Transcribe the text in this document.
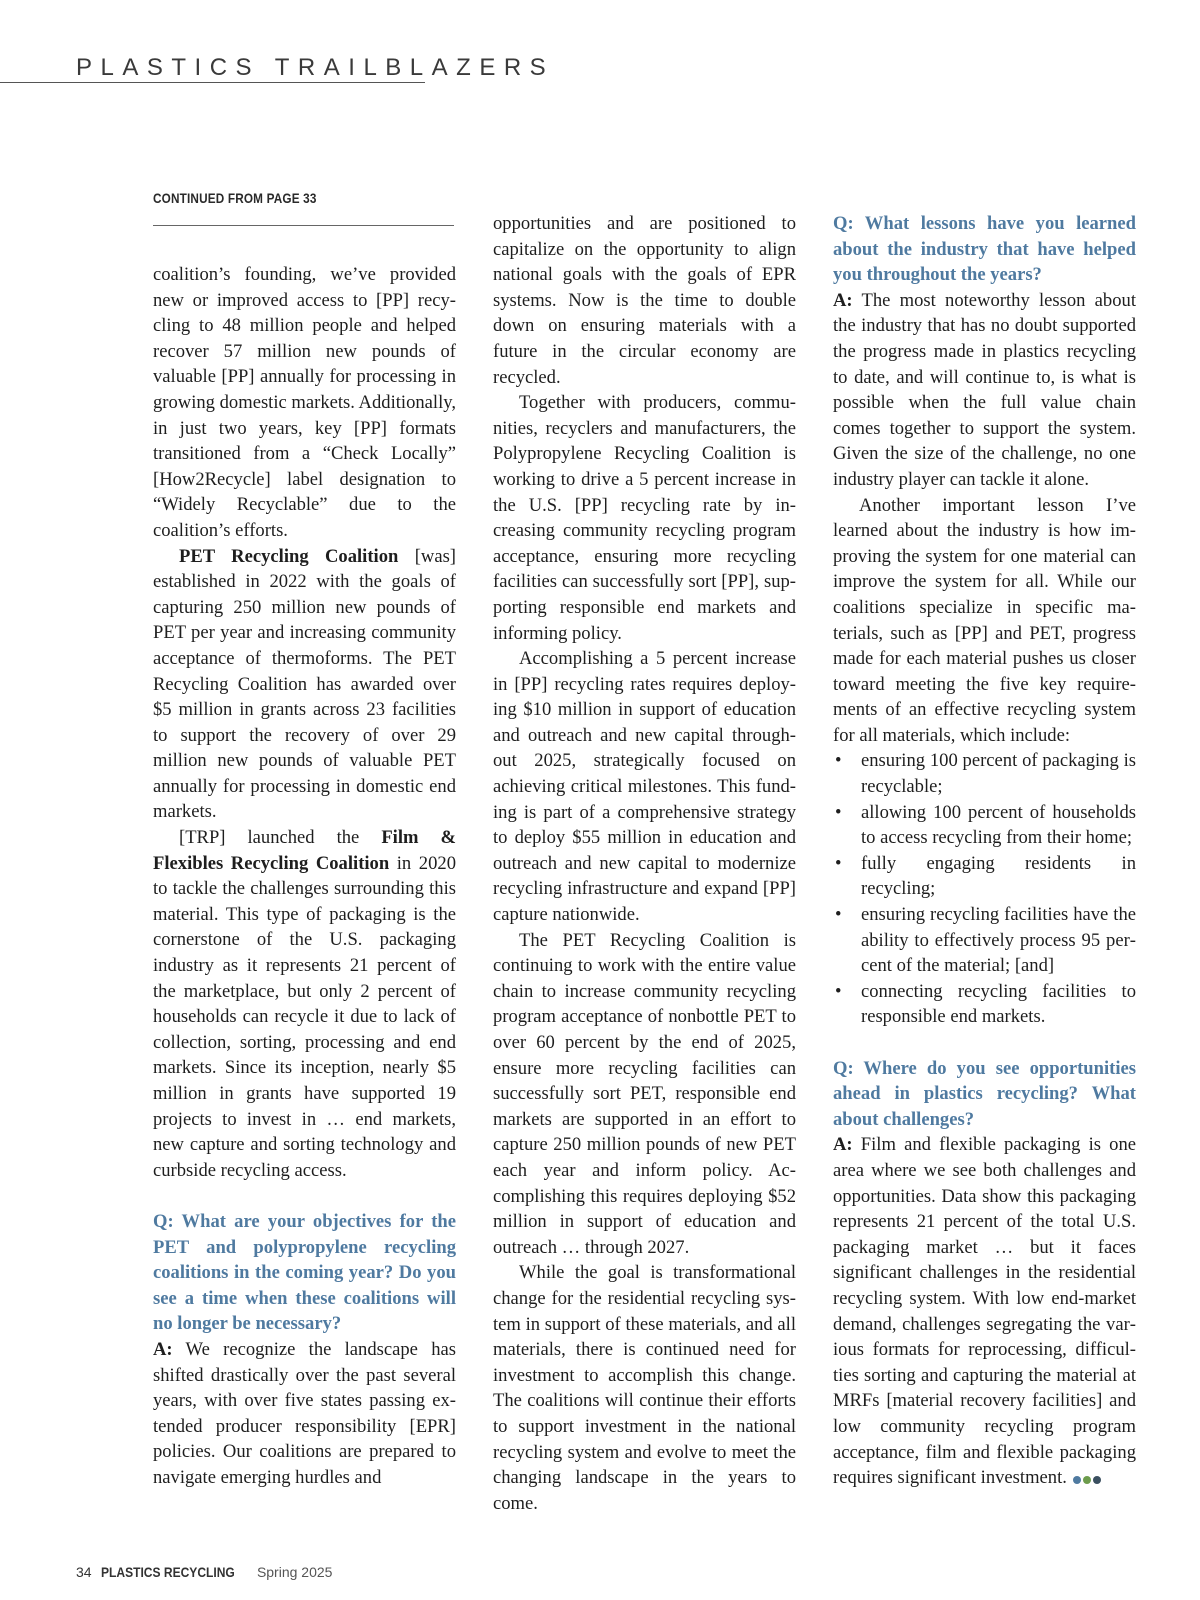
PLASTICS TRAILBLAZERS
CONTINUED FROM PAGE 33

coalition’s founding, we’ve provided new or improved access to [PP] recycling to 48 million people and helped recover 57 million new pounds of valuable [PP] annually for processing in growing domestic markets. Additionally, in just two years, key [PP] formats transitioned from a “Check Locally” [How2Recycle] label designation to “Widely Recyclable” due to the coalition’s efforts.

PET Recycling Coalition [was] established in 2022 with the goals of capturing 250 million new pounds of PET per year and increasing community acceptance of thermoforms. The PET Recycling Coalition has awarded over $5 million in grants across 23 facilities to support the recovery of over 29 million new pounds of valuable PET annually for processing in domestic end markets.

[TRP] launched the Film & Flexibles Recycling Coalition in 2020 to tackle the challenges surrounding this material. This type of packaging is the cornerstone of the U.S. packaging industry as it represents 21 percent of the marketplace, but only 2 percent of households can recycle it due to lack of collection, sorting, processing and end markets. Since its inception, nearly $5 million in grants have supported 19 projects to invest in … end markets, new capture and sorting technology and curbside recycling access.

Q: What are your objectives for the PET and polypropylene recycling coalitions in the coming year? Do you see a time when these coalitions will no longer be necessary?

A: We recognize the landscape has shifted drastically over the past several years, with over five states passing extended producer responsibility [EPR] policies. Our coalitions are prepared to navigate emerging hurdles and

opportunities and are positioned to capitalize on the opportunity to align national goals with the goals of EPR systems. Now is the time to double down on ensuring materials with a future in the circular economy are recycled.

Together with producers, communities, recyclers and manufacturers, the Polypropylene Recycling Coalition is working to drive a 5 percent increase in the U.S. [PP] recycling rate by increasing community recycling program acceptance, ensuring more recycling facilities can successfully sort [PP], supporting responsible end markets and informing policy.

Accomplishing a 5 percent increase in [PP] recycling rates requires deploying $10 million in support of education and outreach and new capital throughout 2025, strategically focused on achieving critical milestones. This funding is part of a comprehensive strategy to deploy $55 million in education and outreach and new capital to modernize recycling infrastructure and expand [PP] capture nationwide.

The PET Recycling Coalition is continuing to work with the entire value chain to increase community recycling program acceptance of nonbottle PET to over 60 percent by the end of 2025, ensure more recycling facilities can successfully sort PET, responsible end markets are supported in an effort to capture 250 million pounds of new PET each year and inform policy. Accomplishing this requires deploying $52 million in support of education and outreach … through 2027.

While the goal is transformational change for the residential recycling system in support of these materials, and all materials, there is continued need for investment to accomplish this change. The coalitions will continue their efforts to support investment in the national recycling system and evolve to meet the changing landscape in the years to come.

Q: What lessons have you learned about the industry that have helped you throughout the years?

A: The most noteworthy lesson about the industry that has no doubt supported the progress made in plastics recycling to date, and will continue to, is what is possible when the full value chain comes together to support the system. Given the size of the challenge, no one industry player can tackle it alone.

Another important lesson I’ve learned about the industry is how improving the system for one material can improve the system for all. While our coalitions specialize in specific materials, such as [PP] and PET, progress made for each material pushes us closer toward meeting the five key requirements of an effective recycling system for all materials, which include:

• ensuring 100 percent of packaging is recyclable;
• allowing 100 percent of households to access recycling from their home;
• fully engaging residents in recycling;
• ensuring recycling facilities have the ability to effectively process 95 percent of the material; [and]
• connecting recycling facilities to responsible end markets.

Q: Where do you see opportunities ahead in plastics recycling? What about challenges?

A: Film and flexible packaging is one area where we see both challenges and opportunities. Data show this packaging represents 21 percent of the total U.S. packaging market … but it faces significant challenges in the residential recycling system. With low end-market demand, challenges segregating the various formats for reprocessing, difficulties sorting and capturing the material at MRFs [material recovery facilities] and low community recycling program acceptance, film and flexible packaging requires significant investment.

34 PLASTICS RECYCLING Spring 2025
